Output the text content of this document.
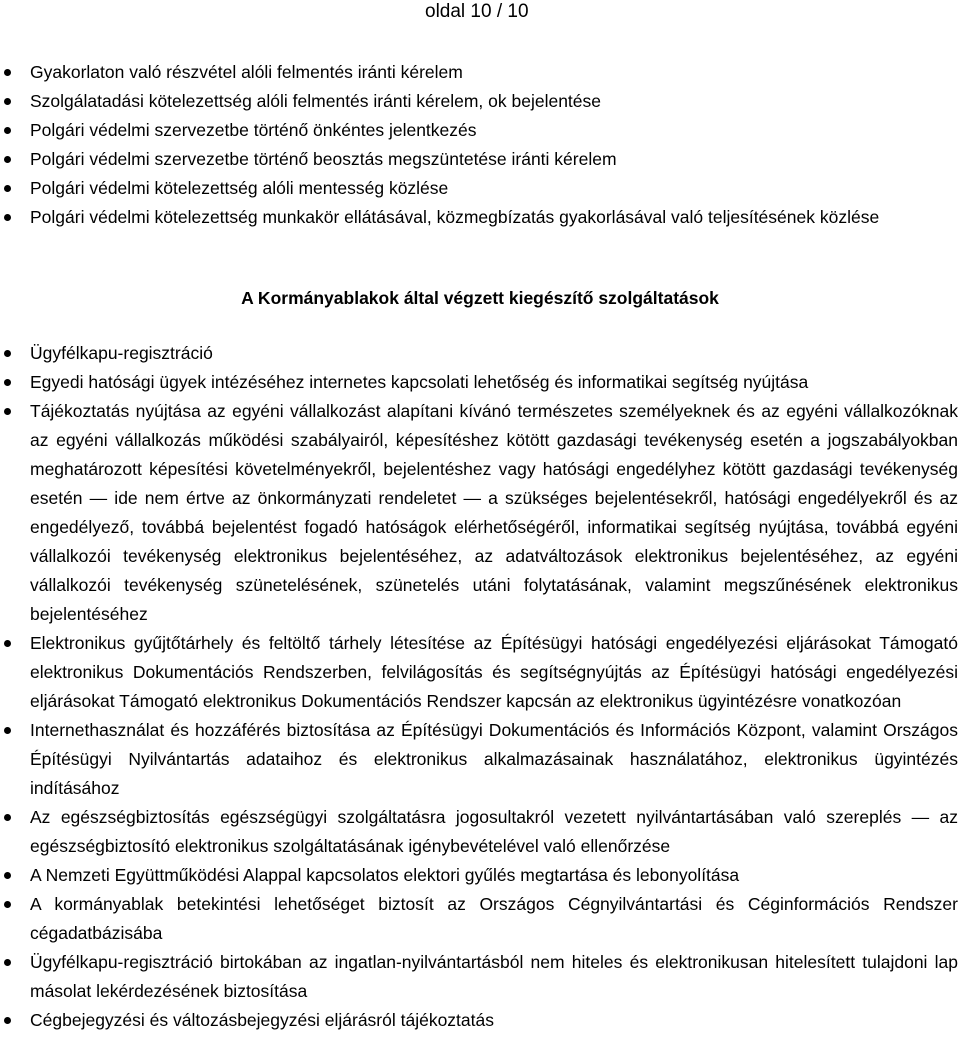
oldal 10 / 10
Gyakorlaton való részvétel alóli felmentés iránti kérelem
Szolgálatadási kötelezettség alóli felmentés iránti kérelem, ok bejelentése
Polgári védelmi szervezetbe történő önkéntes jelentkezés
Polgári védelmi szervezetbe történő beosztás megszüntetése iránti kérelem
Polgári védelmi kötelezettség alóli mentesség közlése
Polgári védelmi kötelezettség munkakör ellátásával, közmegbízatás gyakorlásával való teljesítésének közlése
A Kormányablakok által végzett kiegészítő szolgáltatások
Ügyfélkapu-regisztráció
Egyedi hatósági ügyek intézéséhez internetes kapcsolati lehetőség és informatikai segítség nyújtása
Tájékoztatás nyújtása az egyéni vállalkozást alapítani kívánó természetes személyeknek és az egyéni vállalkozóknak az egyéni vállalkozás működési szabályairól, képesítéshez kötött gazdasági tevékenység esetén a jogszabályokban meghatározott képesítési követelményekről, bejelentéshez vagy hatósági engedélyhez kötött gazdasági tevékenység esetén — ide nem értve az önkormányzati rendeletet — a szükséges bejelentésekről, hatósági engedélyekről és az engedélyező, továbbá bejelentést fogadó hatóságok elérhetőségéről, informatikai segítség nyújtása, továbbá egyéni vállalkozói tevékenység elektronikus bejelentéséhez, az adatváltozások elektronikus bejelentéséhez, az egyéni vállalkozói tevékenység szünetelésének, szünetelés utáni folytatásának, valamint megszűnésének elektronikus bejelentéséhez
Elektronikus gyűjtőtárhely és feltöltő tárhely létesítése az Építésügyi hatósági engedélyezési eljárásokat Támogató elektronikus Dokumentációs Rendszerben, felvilágosítás és segítségnyújtás az Építésügyi hatósági engedélyezési eljárásokat Támogató elektronikus Dokumentációs Rendszer kapcsán az elektronikus ügyintézésre vonatkozóan
Internethasználat és hozzáférés biztosítása az Építésügyi Dokumentációs és Információs Központ, valamint Országos Építésügyi Nyilvántartás adataihoz és elektronikus alkalmazásainak használatához, elektronikus ügyintézés indításához
Az egészségbiztosítás egészségügyi szolgáltatásra jogosultakról vezetett nyilvántartásában való szereplés — az egészségbiztosító elektronikus szolgáltatásának igénybevételével való ellenőrzése
A Nemzeti Együttműködési Alappal kapcsolatos elektori gyűlés megtartása és lebonyolítása
A kormányablak betekintési lehetőséget biztosít az Országos Cégnyilvántartási és Céginformációs Rendszer cégadatbázisába
Ügyfélkapu-regisztráció birtokában az ingatlan-nyilvántartásból nem hiteles és elektronikusan hitelesített tulajdoni lap másolat lekérdezésének biztosítása
Cégbejegyzési és változásbejegyzési eljárásról tájékoztatás
